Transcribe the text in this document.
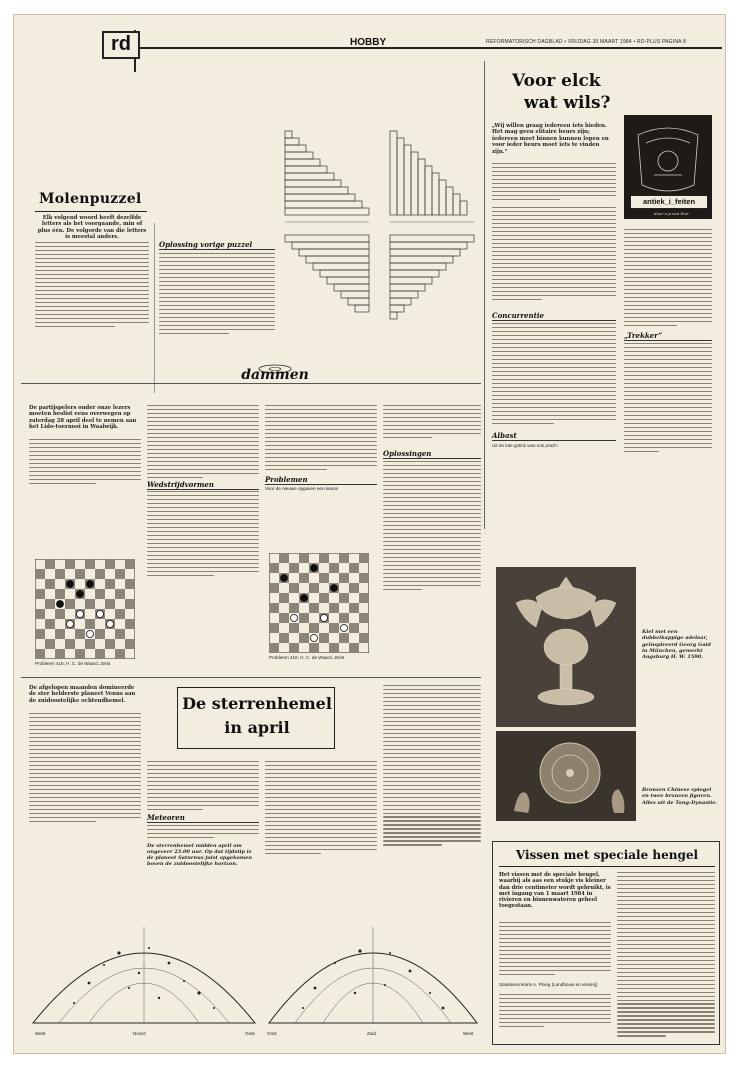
rd	HOBBY	REFORMATORISCH DAGBLAD • VRIJDAG 30 MAART 1984 • RD-PLUS PAGINA 8
Molenpuzzel
Elk volgend woord heeft dezelfde letters als het voorgaande, min of plus één. De volgorde van die letters is meestal anders.
Oplossing vorige puzzel
Voor elck
wat wils?
„Wij willen graag iedereen iets bieden. Het mag geen elitaire beurs zijn; iedereen moet binnen kunnen lopen en voor ieder beurs moet iets te vinden zijn.”
Concurrentie
Albast
Uit de late gotick was ook prach-
antiek_i_feiten
door a.p van thor
„Trekker”
dammen
De partijspelers onder onze lezers moeten beslist eens overwegen op zaterdag 28 april deel te nemen aan het Lido-toernooi in Waalwijk.
Wedstrijdvormen
Problemen
Voor de nieuwe opgaven een keuze
Oplossingen
Probleem 415; H. C. de Waard, Zeist
Probleem 416; H. C. de Waard, Zeist
De afgelopen maanden domineerde de ster helderste planeet Venus aan de zuidoostelijke ochtendhemel.	De sterrenhemel
in april
Meteoren
De sterrenhemel midden april om ongeveer 23.00 uur. Op dat tijdstip is de planeet Saturnus juist opgekomen boven de zuidoostelijke horizon.
West	Noord	Oost	Oost	Zuid	West
Kiel met een dubbelkappige adelaar, geïnspireerd Georg Gaid in München, gemerkt Augsburg H. W. 1590.
Bronzen Chinese spiegel en twee bronzen figuren. Alles uit de Tang-Dynastie.
Vissen met speciale hengel
Het vissen met de speciale hengel, waarbij als aas een stukje vis kleiner dan drie centimeter wordt gebruikt, is met ingang van 1 maart 1984 in rivieren en binnenwateren geheel toegestaan.
Staatssecretaris A. Ploeg (Landbouw en visserij)
